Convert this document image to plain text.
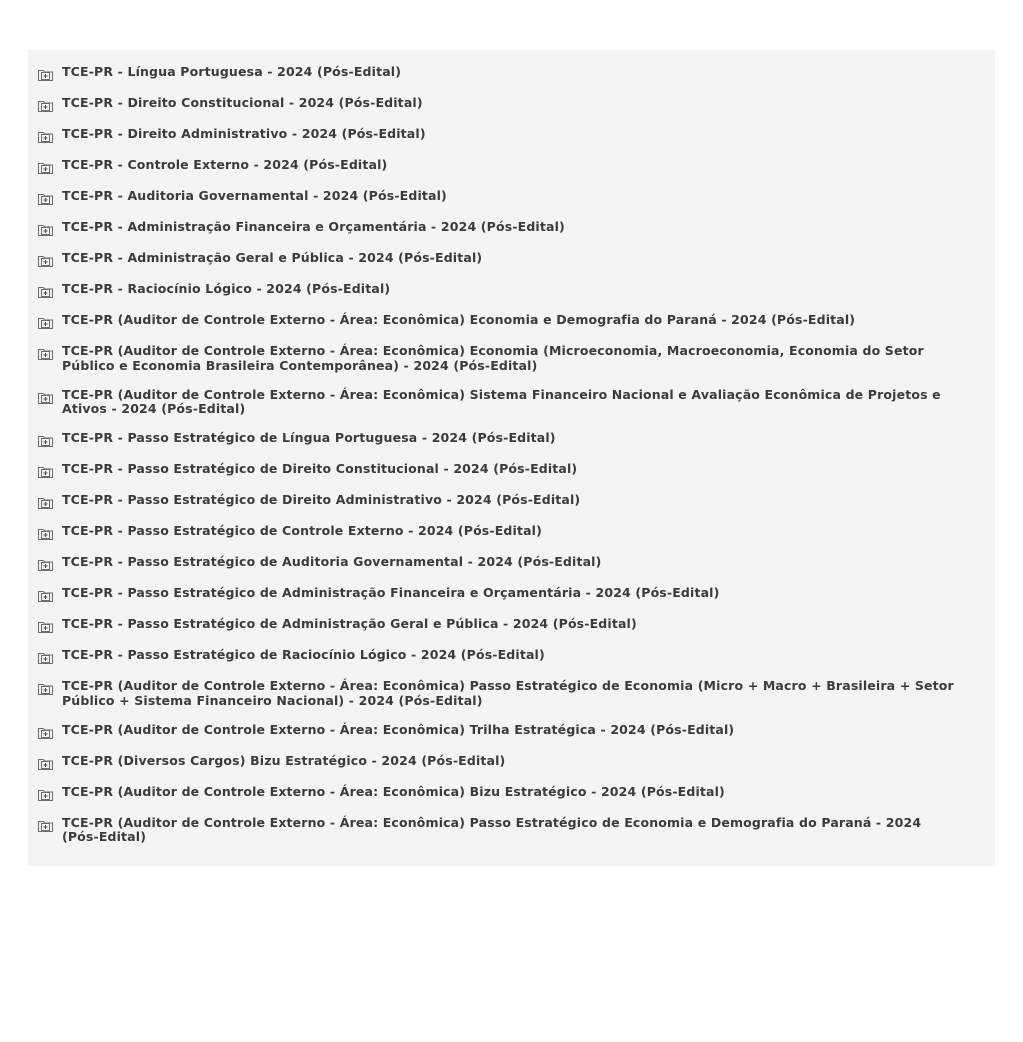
TCE-PR - Língua Portuguesa - 2024 (Pós-Edital)
TCE-PR - Direito Constitucional - 2024 (Pós-Edital)
TCE-PR - Direito Administrativo - 2024 (Pós-Edital)
TCE-PR - Controle Externo - 2024 (Pós-Edital)
TCE-PR - Auditoria Governamental - 2024 (Pós-Edital)
TCE-PR - Administração Financeira e Orçamentária - 2024 (Pós-Edital)
TCE-PR - Administração Geral e Pública - 2024 (Pós-Edital)
TCE-PR - Raciocínio Lógico - 2024 (Pós-Edital)
TCE-PR (Auditor de Controle Externo - Área: Econômica) Economia e Demografia do Paraná - 2024 (Pós-Edital)
TCE-PR (Auditor de Controle Externo - Área: Econômica) Economia (Microeconomia, Macroeconomia, Economia do Setor Público e Economia Brasileira Contemporânea) - 2024 (Pós-Edital)
TCE-PR (Auditor de Controle Externo - Área: Econômica) Sistema Financeiro Nacional e Avaliação Econômica de Projetos e Ativos - 2024 (Pós-Edital)
TCE-PR - Passo Estratégico de Língua Portuguesa - 2024 (Pós-Edital)
TCE-PR - Passo Estratégico de Direito Constitucional - 2024 (Pós-Edital)
TCE-PR - Passo Estratégico de Direito Administrativo - 2024 (Pós-Edital)
TCE-PR - Passo Estratégico de Controle Externo - 2024 (Pós-Edital)
TCE-PR - Passo Estratégico de Auditoria Governamental - 2024 (Pós-Edital)
TCE-PR - Passo Estratégico de Administração Financeira e Orçamentária - 2024 (Pós-Edital)
TCE-PR - Passo Estratégico de Administração Geral e Pública - 2024 (Pós-Edital)
TCE-PR - Passo Estratégico de Raciocínio Lógico - 2024 (Pós-Edital)
TCE-PR (Auditor de Controle Externo - Área: Econômica) Passo Estratégico de Economia (Micro + Macro + Brasileira + Setor Público + Sistema Financeiro Nacional) - 2024 (Pós-Edital)
TCE-PR (Auditor de Controle Externo - Área: Econômica) Trilha Estratégica - 2024 (Pós-Edital)
TCE-PR (Diversos Cargos) Bizu Estratégico - 2024 (Pós-Edital)
TCE-PR (Auditor de Controle Externo - Área: Econômica) Bizu Estratégico - 2024 (Pós-Edital)
TCE-PR (Auditor de Controle Externo - Área: Econômica) Passo Estratégico de Economia e Demografia do Paraná - 2024 (Pós-Edital)
